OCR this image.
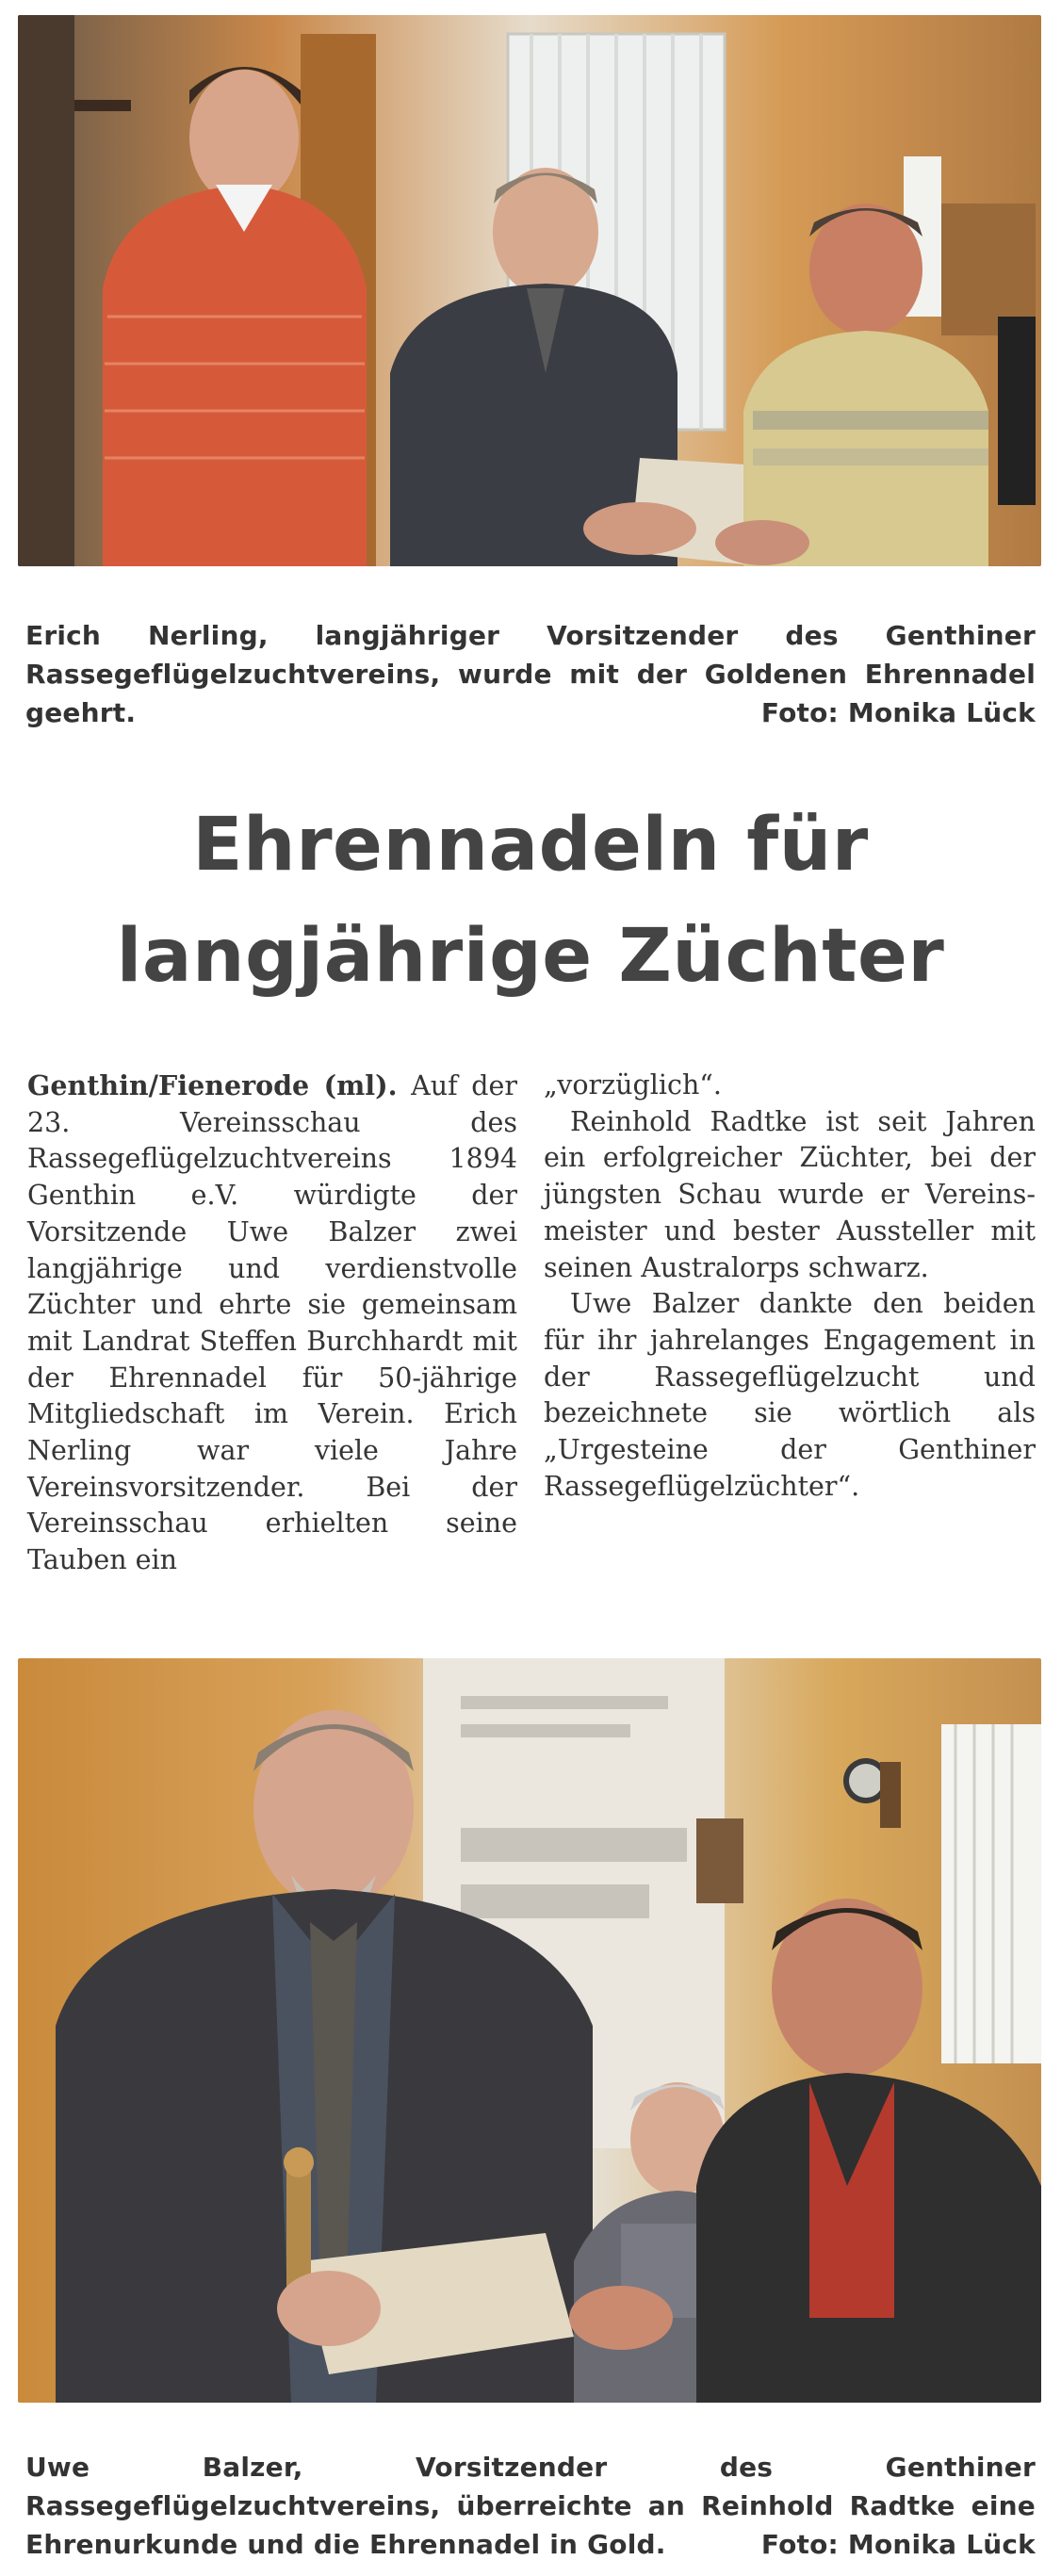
Erich Nerling, langjähriger Vorsitzender des Genthiner Rassegeflügelzuchtvereins, wurde mit der Goldenen Ehrennadel geehrt.	Foto: Monika Lück
Ehrennadeln für
langjährige Züchter

Genthin/Fienerode (ml). Auf der 23. Vereinsschau des Rassegeflügelzuchtvereins 1894 Genthin e.V. würdigte der Vorsitzende Uwe Balzer zwei langjährige und verdienstvolle Züchter und ehrte sie gemeinsam mit Landrat Steffen Burchhardt mit der Ehrennadel für 50-jährige Mitgliedschaft im Verein. Erich Nerling war viele Jahre Vereinsvorsitzender. Bei der Vereinsschau erhielten seine Tauben ein

„vorzüglich“.

Reinhold Radtke ist seit Jahren ein erfolgreicher Züchter, bei der jüngsten Schau wurde er Vereinsmeister und bester Aussteller mit seinen Australorps schwarz.

Uwe Balzer dankte den beiden für ihr jahrelanges Engagement in der Rassegeflügelzucht und bezeichnete sie wörtlich als „Urgesteine der Genthiner Rassegeflügelzüchter“.

Uwe Balzer, Vorsitzender des Genthiner Rassegeflügelzuchtvereins, überreichte an Reinhold Radtke eine Ehrenurkunde und die Ehrennadel in Gold.	Foto: Monika Lück
